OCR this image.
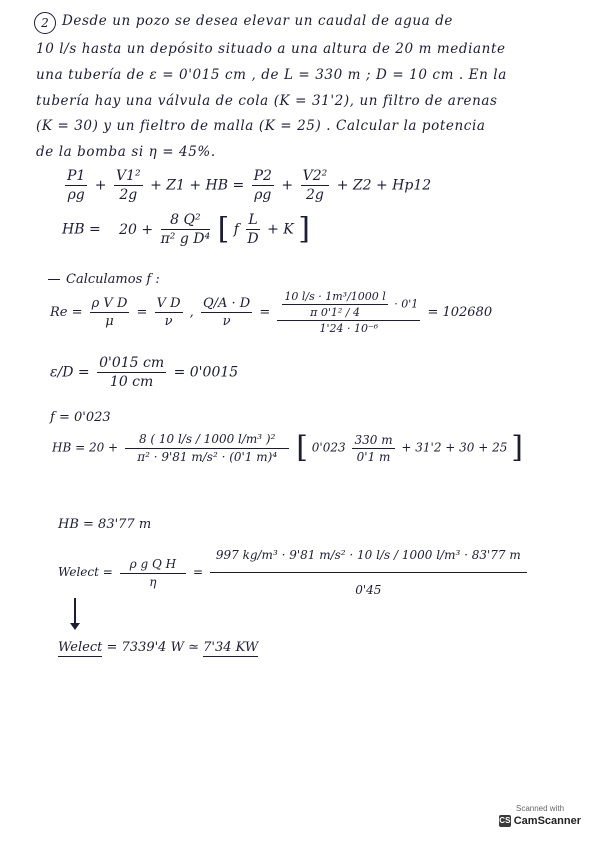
2 Desde un pozo se desea elevar un caudal de agua de
10 l/s hasta un depósito situado a una altura de 20 m mediante
una tubería de ε = 0'015 cm , de L = 330 m ; D = 10 cm . En la
tubería hay una válvula de cola (K = 31'2), un filtro de arenas
(K = 30) y un fieltro de malla (K = 25) . Calcular la potencia
de la bomba si η = 45%.
$\frac{P1}{\rho g} + \frac{\text{V1²}}{2g} + Z1$ + HB = $\frac{P2}{\rho g} + \frac{\text{V2²}}{2g} + Z2 + Hp12$
HB = $20 + \frac{\text{8 Q²}}{\text{π² g D⁴}}$ [ f $\frac{L}{D} + K$ ]
Calculamos f :
$Re = \frac{\text{ρ V D}}{\mu} = \frac{\text{V D}}{\nu}$ , $\frac{Q/A \cdot D}{\nu} = \frac{\frac{\text{10 l/s · 1m³/1000 l}}{\text{π 0'1² / 4}} \cdot 0'1}{\text{1'24 · 10⁻⁶}} = 102680$
$\varepsilon/D = \frac{0'015 cm}{10 cm} = 0'0015$
f = 0'023
HB = $20 + \frac{\text{8 ( 10 l/s / 1000 l/m³ )²}}{\text{π² · 9'81 m/s² · (0'1 m)⁴}}$ [ $0'023 \frac{330 m}{0'1 m} + 31'2 + 30 + 25$ ]
HB = 83'77 m
Welect = $\frac{\text{ρ g Q H}}{\eta} = \frac{\text{997 kg/m³ · 9'81 m/s² · 10 l/s / 1000 l/m³ · 83'77 m}}{0'45}$
Welect = 7339'4 W ≃ 7'34 KW
Scanned with
CS CamScanner
